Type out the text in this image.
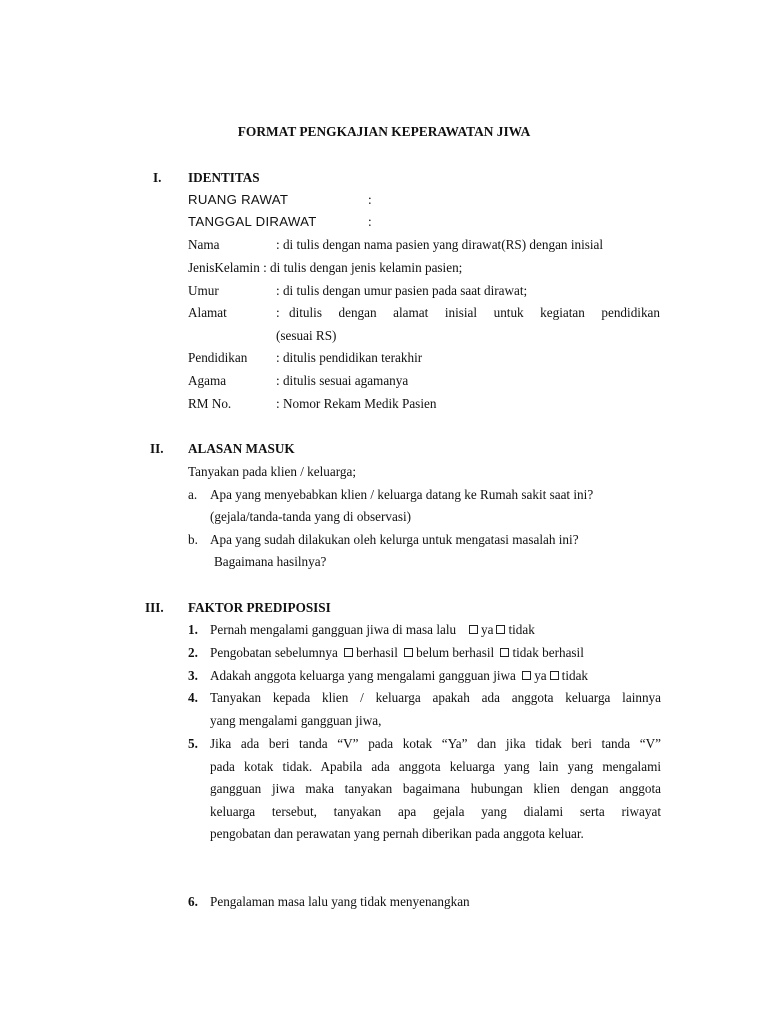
FORMAT PENGKAJIAN KEPERAWATAN JIWA
I. IDENTITAS
RUANG RAWAT	:
TANGGAL DIRAWAT	:
Nama	: di tulis dengan nama pasien yang dirawat(RS) dengan inisial
JenisKelamin : di tulis dengan jenis kelamin pasien;
Umur	: di tulis dengan umur pasien pada saat dirawat;
Alamat	: ditulis dengan alamat inisial untuk kegiatan pendidikan
(sesuai RS)
Pendidikan : ditulis pendidikan terakhir
Agama	: ditulis sesuai agamanya
RM No.	: Nomor Rekam Medik Pasien
II. ALASAN MASUK
Tanyakan pada klien / keluarga;
a. Apa yang menyebabkan klien / keluarga datang ke Rumah sakit saat ini?
(gejala/tanda-tanda yang di observasi)
b. Apa yang sudah dilakukan oleh kelurga untuk mengatasi masalah ini?
Bagaimana hasilnya?
III. FAKTOR PREDIPOSISI
1. Pernah mengalami gangguan jiwa di masa lalu ya tidak
2. Pengobatan sebelumnya berhasil belum berhasil tidak berhasil
3. Adakah anggota keluarga yang mengalami gangguan jiwa ya tidak
4. Tanyakan kepada klien / keluarga apakah ada anggota keluarga lainnya
yang mengalami gangguan jiwa,
5. Jika ada beri tanda “V” pada kotak “Ya” dan jika tidak beri tanda “V”
pada kotak tidak. Apabila ada anggota keluarga yang lain yang mengalami
gangguan jiwa maka tanyakan bagaimana hubungan klien dengan anggota
keluarga tersebut, tanyakan apa gejala yang dialami serta riwayat
pengobatan dan perawatan yang pernah diberikan pada anggota keluar.
6. Pengalaman masa lalu yang tidak menyenangkan
